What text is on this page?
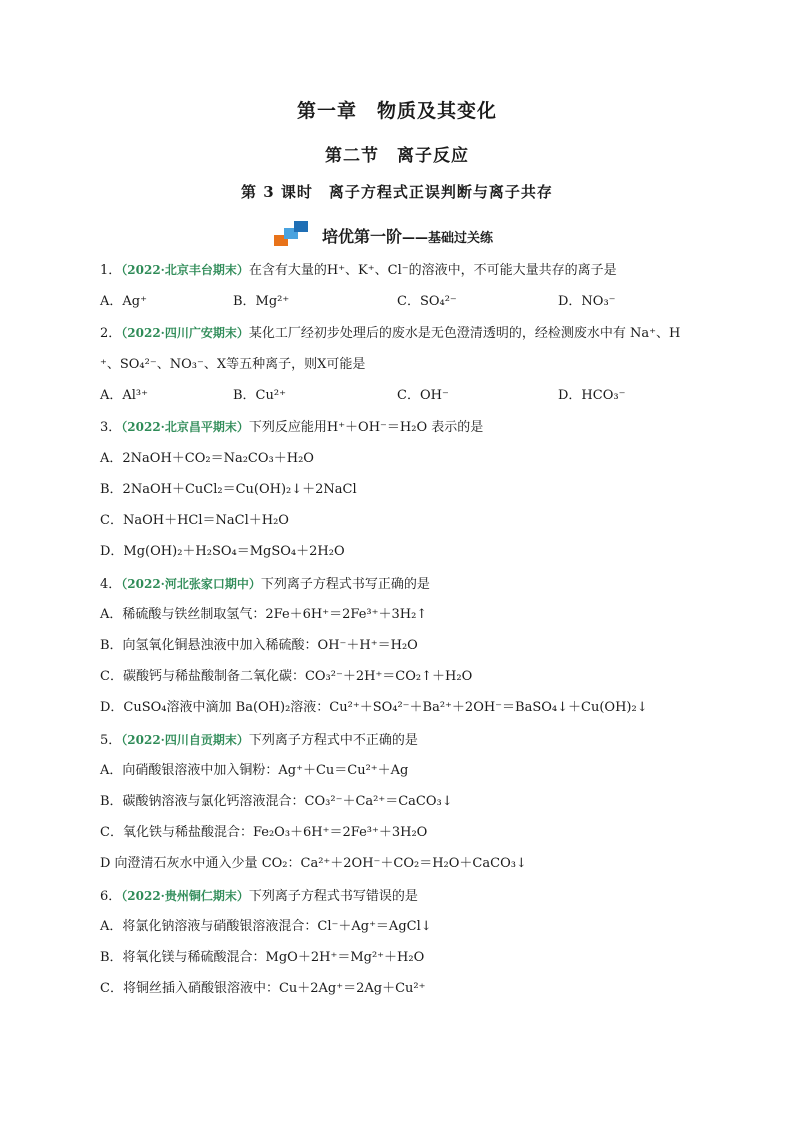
第一章　物质及其变化
第二节　离子反应
第 3 课时　离子方程式正误判断与离子共存
培优第一阶——基础过关练
1．（2022·北京丰台期末）在含有大量的H⁺、K⁺、Cl⁻的溶液中，不可能大量共存的离子是
A．Ag⁺	B．Mg²⁺	C．SO₄²⁻	D．NO₃⁻
2．（2022·四川广安期末）某化工厂经初步处理后的废水是无色澄清透明的，经检测废水中有 Na⁺、H
⁺、SO₄²⁻、NO₃⁻、X等五种离子，则X可能是
A．Al³⁺	B．Cu²⁺	C．OH⁻	D．HCO₃⁻
3．（2022·北京昌平期末）下列反应能用H⁺＋OH⁻＝H₂O 表示的是
A．2NaOH＋CO₂＝Na₂CO₃＋H₂O
B．2NaOH＋CuCl₂＝Cu(OH)₂↓＋2NaCl
C．NaOH＋HCl＝NaCl＋H₂O
D．Mg(OH)₂＋H₂SO₄＝MgSO₄＋2H₂O
4．（2022·河北张家口期中）下列离子方程式书写正确的是
A．稀硫酸与铁丝制取氢气：2Fe＋6H⁺＝2Fe³⁺＋3H₂↑
B．向氢氧化铜悬浊液中加入稀硫酸：OH⁻＋H⁺＝H₂O
C．碳酸钙与稀盐酸制备二氧化碳：CO₃²⁻＋2H⁺＝CO₂↑＋H₂O
D．CuSO₄溶液中滴加 Ba(OH)₂溶液：Cu²⁺＋SO₄²⁻＋Ba²⁺＋2OH⁻＝BaSO₄↓＋Cu(OH)₂↓
5．（2022·四川自贡期末）下列离子方程式中不正确的是
A．向硝酸银溶液中加入铜粉：Ag⁺＋Cu＝Cu²⁺＋Ag
B．碳酸钠溶液与氯化钙溶液混合：CO₃²⁻＋Ca²⁺＝CaCO₃↓
C．氧化铁与稀盐酸混合：Fe₂O₃＋6H⁺＝2Fe³⁺＋3H₂O
D 向澄清石灰水中通入少量 CO₂：Ca²⁺＋2OH⁻＋CO₂＝H₂O＋CaCO₃↓
6．（2022·贵州铜仁期末）下列离子方程式书写错误的是
A．将氯化钠溶液与硝酸银溶液混合：Cl⁻＋Ag⁺＝AgCl↓
B．将氧化镁与稀硫酸混合：MgO＋2H⁺＝Mg²⁺＋H₂O
C．将铜丝插入硝酸银溶液中：Cu＋2Ag⁺＝2Ag＋Cu²⁺
